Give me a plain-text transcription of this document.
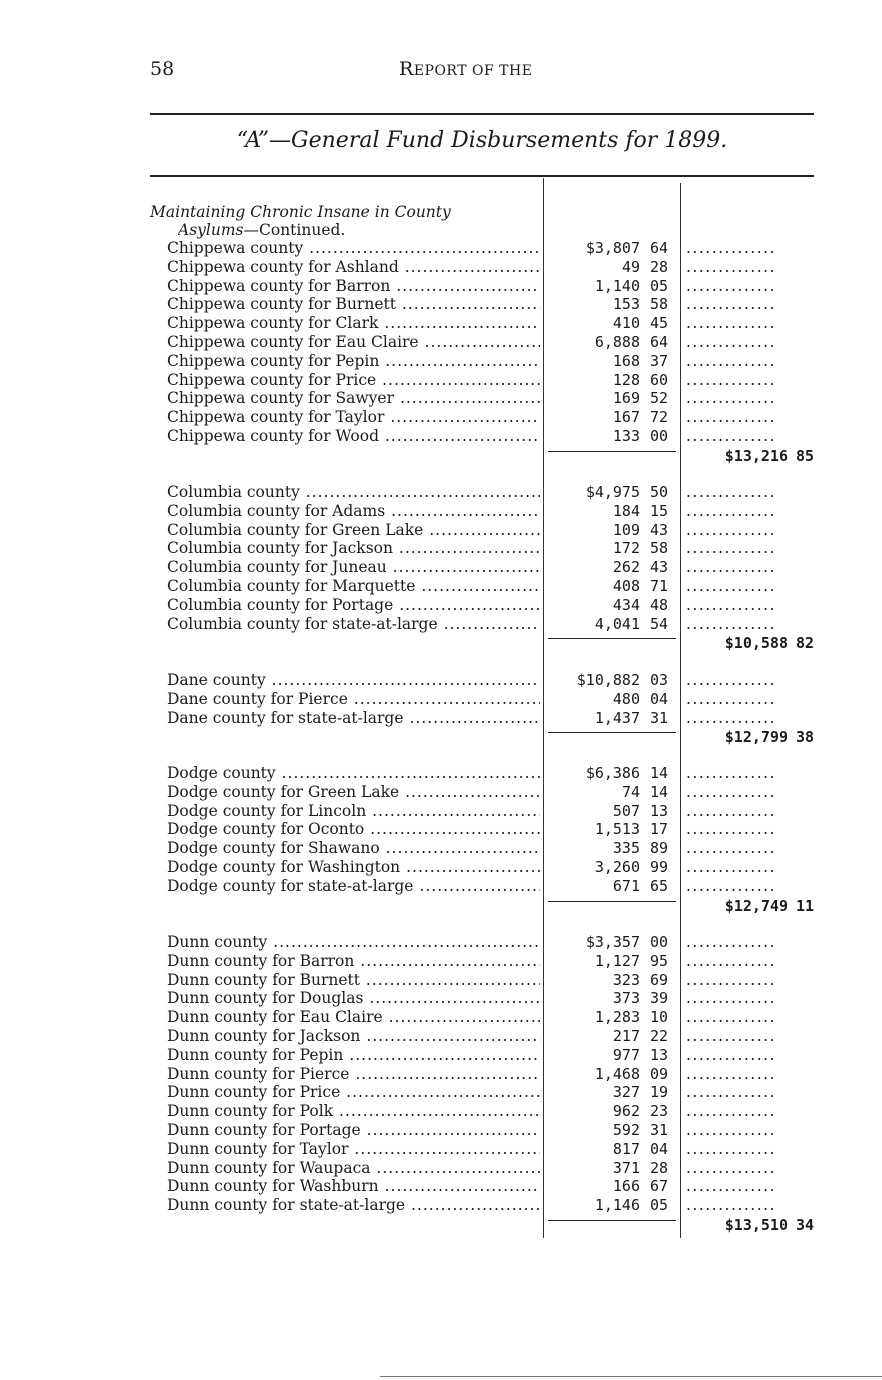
58	REPORT OF THE
“A”—General Fund Disbursements for 1899.
Maintaining Chronic Insane in County
Asylums—Continued.
Chippewa county .....	$3,807 64 ..............
Chippewa county for Ashland .....	49 28 ..............
Chippewa county for Barron .....	1,140 05 ..............
Chippewa county for Burnett .....	153 58 ..............
Chippewa county for Clark .....	410 45 ..............
Chippewa county for Eau Claire .....	6,888 64 ..............
Chippewa county for Pepin .....	168 37 ..............
Chippewa county for Price .....	128 60 ..............
Chippewa county for Sawyer .....	169 52 ..............
Chippewa county for Taylor .....	167 72 ..............
Chippewa county for Wood .....	133 00 ..............
$13,216 85
Columbia county .....	$4,975 50 ..............
Columbia county for Adams .....	184 15 ..............
Columbia county for Green Lake .....	109 43 ..............
Columbia county for Jackson .....	172 58 ..............
Columbia county for Juneau .....	262 43 ..............
Columbia county for Marquette .....	408 71 ..............
Columbia county for Portage .....	434 48 ..............
Columbia county for state-at-large .....	4,041 54 ..............
$10,588 82
Dane county .....	$10,882 03 ..............
Dane county for Pierce .....	480 04 ..............
Dane county for state-at-large .....	1,437 31 ..............
$12,799 38
Dodge county .....	$6,386 14 ..............
Dodge county for Green Lake .....	74 14 ..............
Dodge county for Lincoln .....	507 13 ..............
Dodge county for Oconto .....	1,513 17 ..............
Dodge county for Shawano .....	335 89 ..............
Dodge county for Washington .....	3,260 99 ..............
Dodge county for state-at-large .....	671 65 ..............
$12,749 11
Dunn county .....	$3,357 00 ..............
Dunn county for Barron .....	1,127 95 ..............
Dunn county for Burnett .....	323 69 ..............
Dunn county for Douglas .....	373 39 ..............
Dunn county for Eau Claire .....	1,283 10 ..............
Dunn county for Jackson .....	217 22 ..............
Dunn county for Pepin .....	977 13 ..............
Dunn county for Pierce .....	1,468 09 ..............
Dunn county for Price .....	327 19 ..............
Dunn county for Polk .....	962 23 ..............
Dunn county for Portage .....	592 31 ..............
Dunn county for Taylor .....	817 04 ..............
Dunn county for Waupaca .....	371 28 ..............
Dunn county for Washburn .....	166 67 ..............
Dunn county for state-at-large .....	1,146 05 ..............
$13,510 34
